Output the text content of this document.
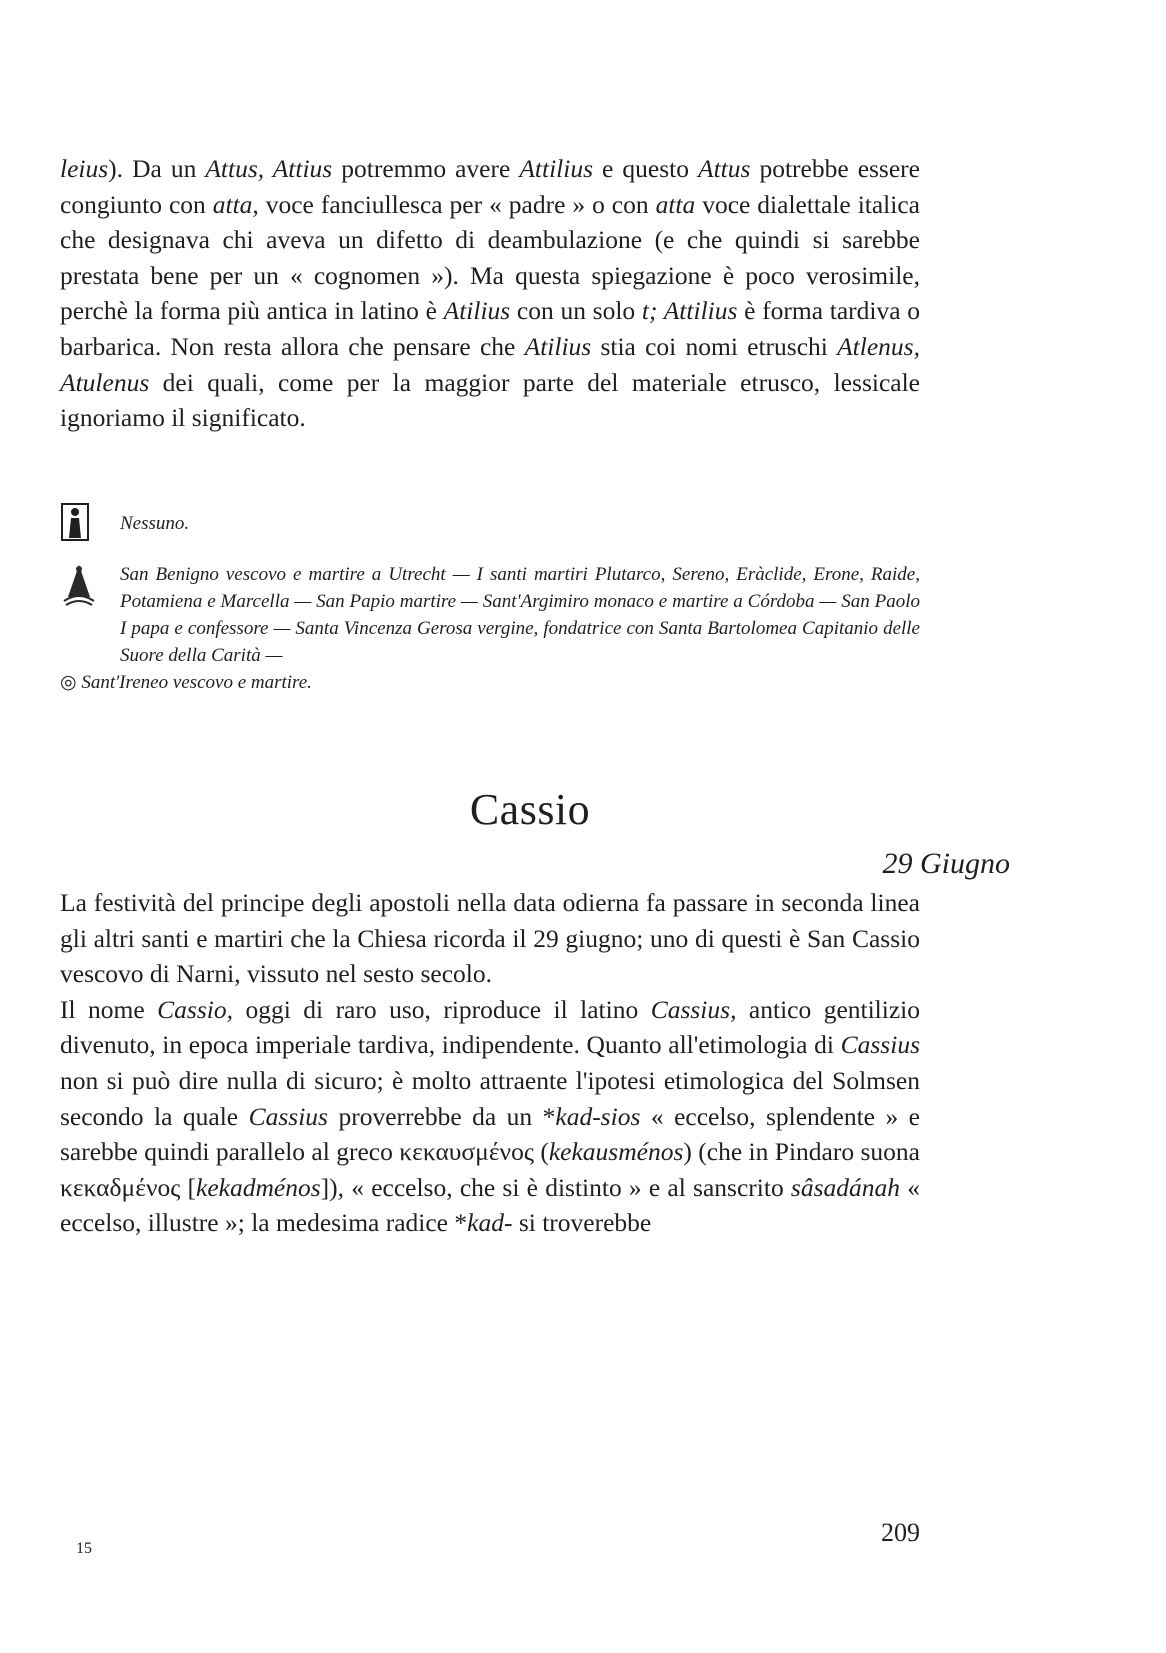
leius). Da un Attus, Attius potremmo avere Attilius e questo Attus potrebbe essere congiunto con atta, voce fanciullesca per « padre » o con atta voce dialettale italica che designava chi aveva un difetto di deambulazione (e che quindi si sarebbe prestata bene per un « cognomen »). Ma questa spiegazione è poco verosimile, perchè la forma più antica in latino è Atilius con un solo t; Attilius è forma tardiva o barbarica. Non resta allora che pensare che Atilius stia coi nomi etruschi Atlenus, Atulenus dei quali, come per la maggior parte del materiale etrusco, lessicale ignoriamo il significato.

Nessuno.
San Benigno vescovo e martire a Utrecht — I santi martiri Plutarco, Sereno, Eràclide, Erone, Raide, Potamiena e Marcella — San Papio martire — Sant'Argimiro monaco e martire a Córdoba — San Paolo I papa e confessore — Santa Vincenza Gerosa vergine, fondatrice con Santa Bartolomea Capitanio delle Suore della Carità —
◎ Sant'Ireneo vescovo e martire.
Cassio
29 Giugno

La festività del principe degli apostoli nella data odierna fa passare in seconda linea gli altri santi e martiri che la Chiesa ricorda il 29 giugno; uno di questi è San Cassio vescovo di Narni, vissuto nel sesto secolo.

Il nome Cassio, oggi di raro uso, riproduce il latino Cassius, antico gentilizio divenuto, in epoca imperiale tardiva, indipendente. Quanto all'etimologia di Cassius non si può dire nulla di sicuro; è molto attraente l'ipotesi etimologica del Solmsen secondo la quale Cassius proverrebbe da un *kad-sios « eccelso, splendente » e sarebbe quindi parallelo al greco κεκαυσμένος (kekausménos) (che in Pindaro suona κεκαδμένος [kekadménos]), « eccelso, che si è distinto » e al sanscrito sâsadánah « eccelso, illustre »; la medesima radice *kad- si troverebbe

209
15
